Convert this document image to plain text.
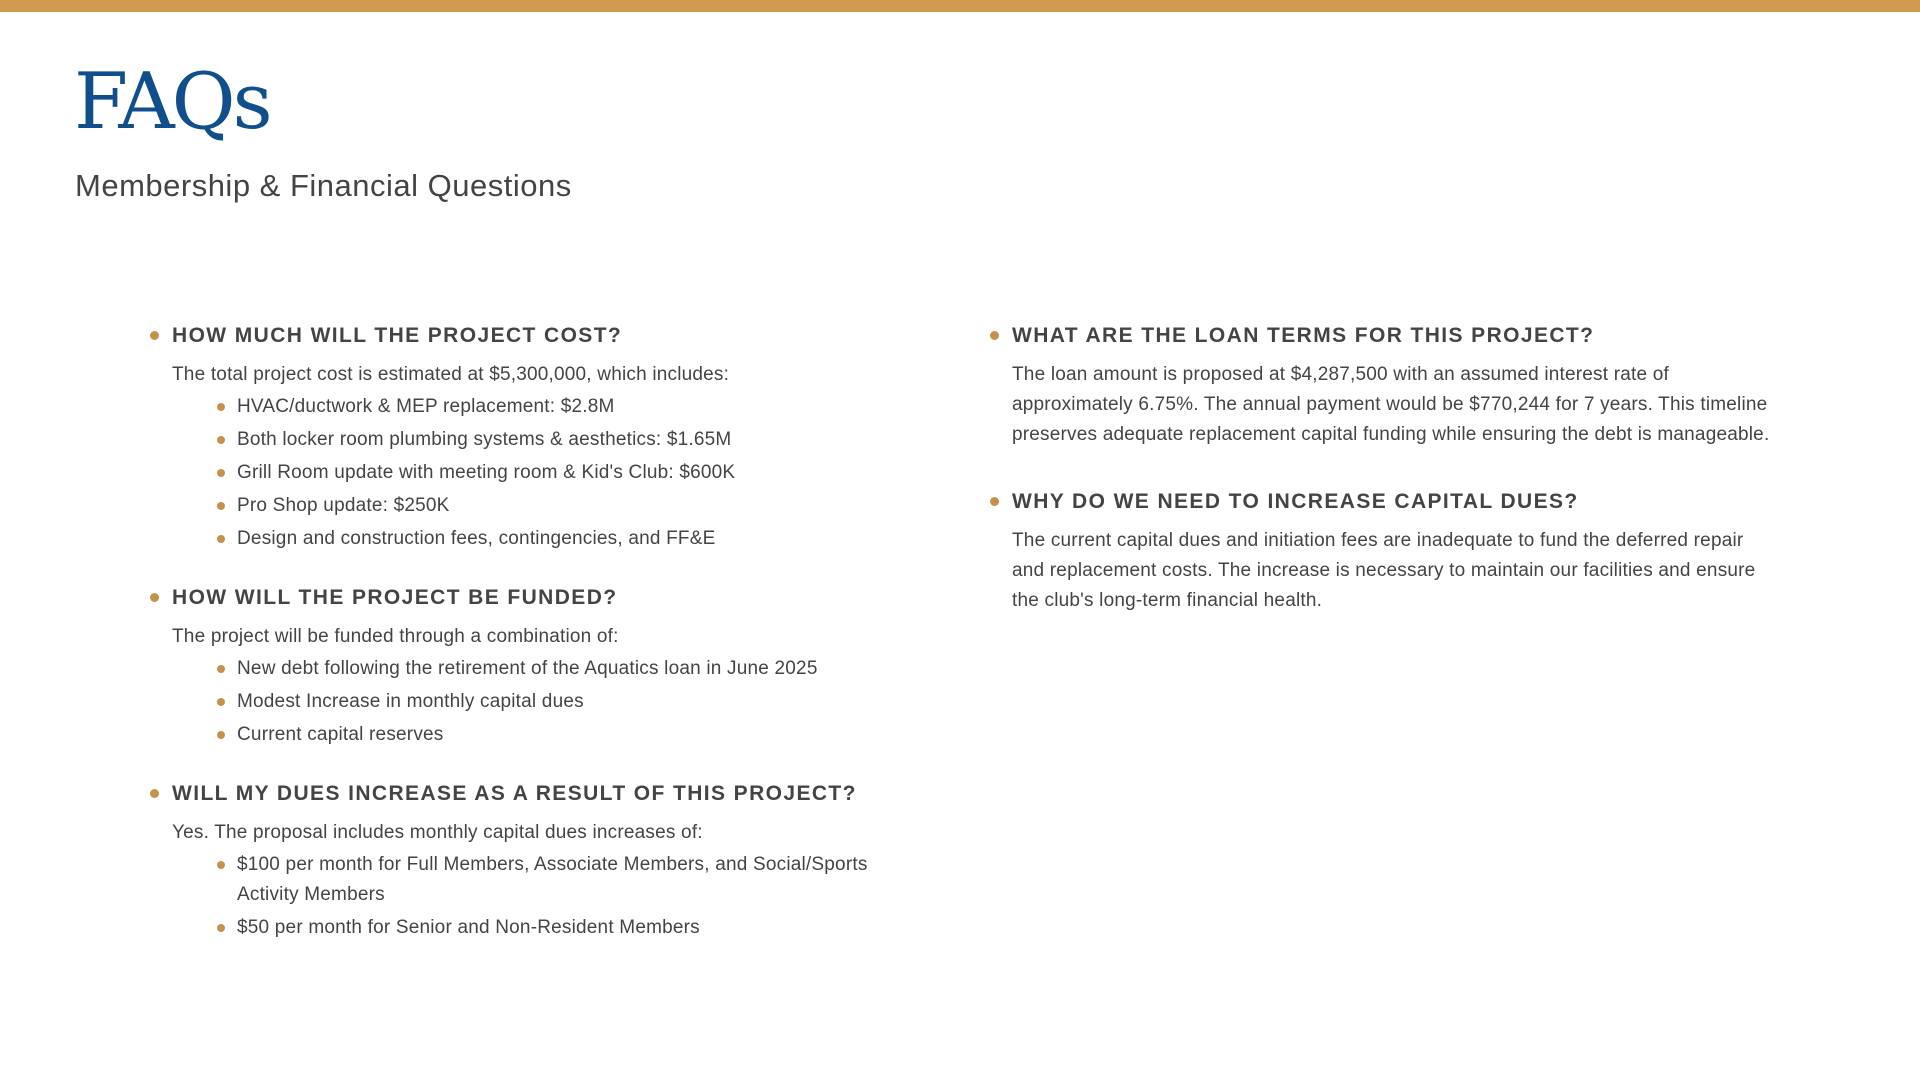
FAQs
Membership & Financial Questions
HOW MUCH WILL THE PROJECT COST?

The total project cost is estimated at $5,300,000, which includes:

HVAC/ductwork & MEP replacement: $2.8M
Both locker room plumbing systems & aesthetics: $1.65M
Grill Room update with meeting room & Kid's Club: $600K
Pro Shop update: $250K
Design and construction fees, contingencies, and FF&E
HOW WILL THE PROJECT BE FUNDED?

The project will be funded through a combination of:

New debt following the retirement of the Aquatics loan in June 2025
Modest Increase in monthly capital dues
Current capital reserves
WILL MY DUES INCREASE AS A RESULT OF THIS PROJECT?

Yes. The proposal includes monthly capital dues increases of:

$100 per month for Full Members, Associate Members, and Social/Sports Activity Members
$50 per month for Senior and Non-Resident Members
WHAT ARE THE LOAN TERMS FOR THIS PROJECT?

The loan amount is proposed at $4,287,500 with an assumed interest rate of approximately 6.75%. The annual payment would be $770,244 for 7 years. This timeline preserves adequate replacement capital funding while ensuring the debt is manageable.

WHY DO WE NEED TO INCREASE CAPITAL DUES?

The current capital dues and initiation fees are inadequate to fund the deferred repair and replacement costs. The increase is necessary to maintain our facilities and ensure the club's long-term financial health.
